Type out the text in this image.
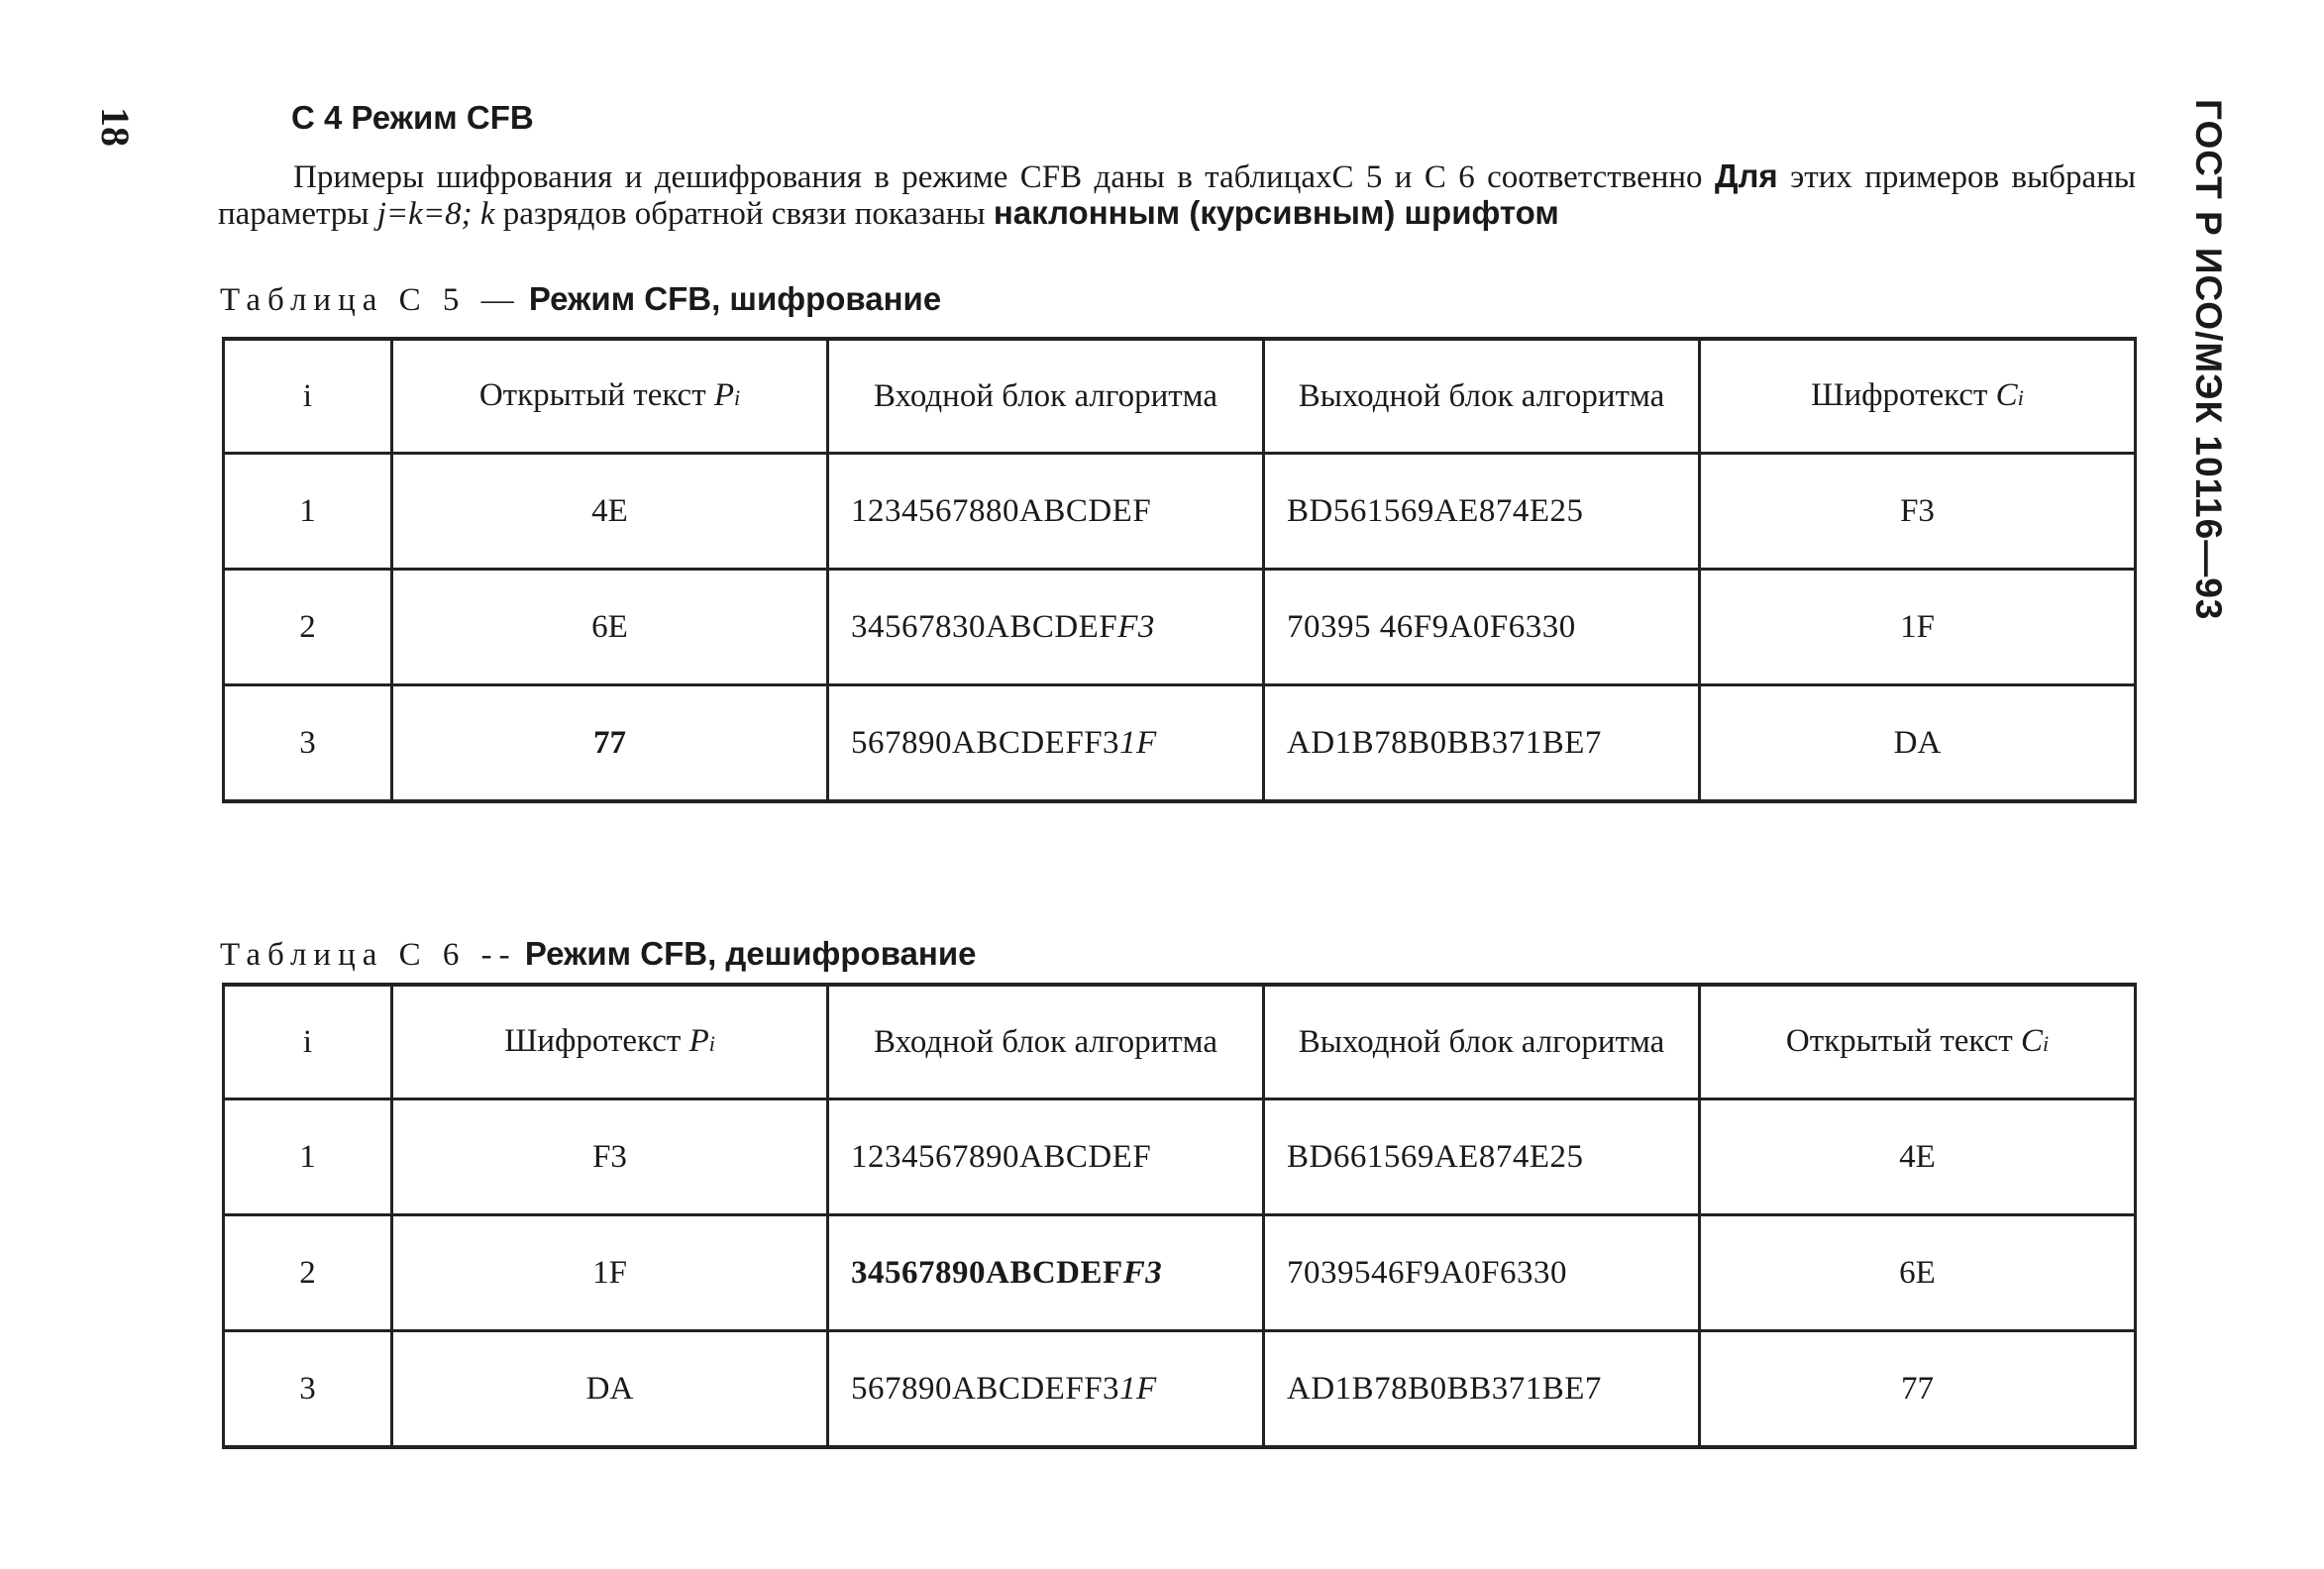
18	ГОСТ Р ИСО/МЭК 10116—93
С 4 Режим CFB
Примеры шифрования и дешифрования в режиме CFB даны в таблицахС 5 и С 6 соответственно Для этих примеров выбраны параметры j=k=8; k разрядов обратной связи показаны наклонным (курсивным) шрифтом
Таблица С 5 — Режим CFB, шифрование
i	Открытый текст Pi	Входной блок алгоритма	Выходной блок алгоритма	Шифротекст Ci
1	4E	1234567880ABCDEF	BD561569AE874E25	F3
2	6E	34567830ABCDEFF3	70395 46F9A0F6330	1F
3	77	567890ABCDEFF31F	AD1B78B0BB371BE7	DA
Таблица С 6 -- Режим CFB, дешифрование
i	Шифротекст Pi	Входной блок алгоритма	Выходной блок алгоритма	Открытый текст Ci
1	F3	1234567890ABCDEF	BD661569AE874E25	4E
2	1F	34567890ABCDEFF3	7039546F9A0F6330	6E
3	DA	567890ABCDEFF31F	AD1B78B0BB371BE7	77
